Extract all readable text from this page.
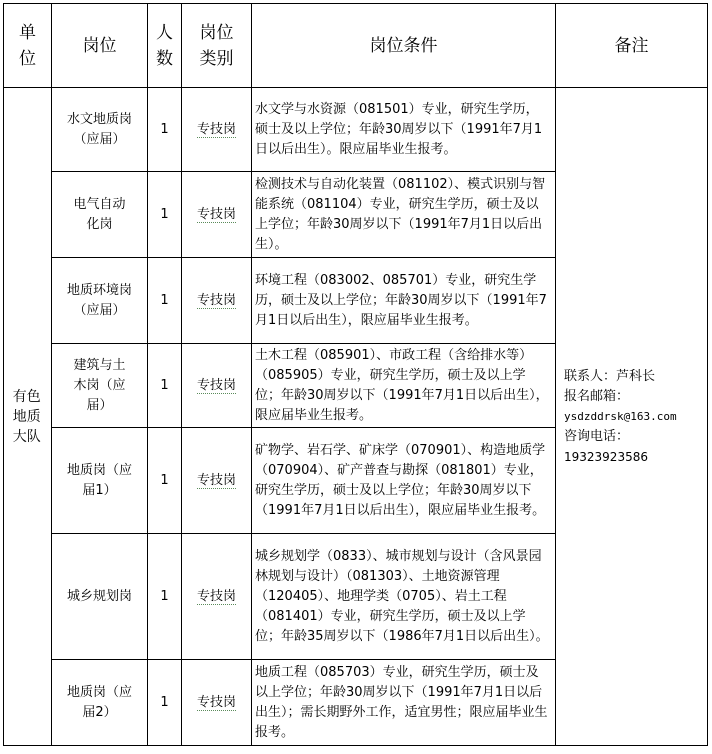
单位	岗位	人数	岗位类别	岗位条件	备注
有色地质大队	水文地质岗（应届）	1	专技岗	水文学与水资源（081501）专业，研究生学历，硕士及以上学位；年龄30周岁以下（1991年7月1日以后出生）。限应届毕业生报考。	联系人：芦科长
报名邮箱：
ysdzddrsk@163.com
咨询电话：
19323923586

	电气自动化岗	1	专技岗	检测技术与自动化装置（081102）、模式识别与智能系统（081104）专业，研究生学历，硕士及以上学位；年龄30周岁以下（1991年7月1日以后出生）。	
	地质环境岗（应届）	1	专技岗	环境工程（083002、085701）专业，研究生学历，硕士及以上学位；年龄30周岁以下（1991年7月1日以后出生），限应届毕业生报考。	
	建筑与土木岗（应届）	1	专技岗	土木工程（085901）、市政工程（含给排水等）（085905）专业，研究生学历，硕士及以上学位；年龄30周岁以下（1991年7月1日以后出生），限应届毕业生报考。	
	地质岗（应届1）	1	专技岗	矿物学、岩石学、矿床学（070901）、构造地质学（070904）、矿产普查与勘探（081801）专业，研究生学历，硕士及以上学位；年龄30周岁以下（1991年7月1日以后出生），限应届毕业生报考。	
	城乡规划岗	1	专技岗	城乡规划学（0833）、城市规划与设计（含风景园林规划与设计）（081303）、土地资源管理（120405）、地理学类（0705）、岩土工程（081401）专业，研究生学历，硕士及以上学位；年龄35周岁以下（1986年7月1日以后出生）。	
	地质岗（应届2）	1	专技岗	地质工程（085703）专业，研究生学历，硕士及以上学位；年龄30周岁以下（1991年7月1日以后出生）；需长期野外工作，适宜男性；限应届毕业生报考。	
